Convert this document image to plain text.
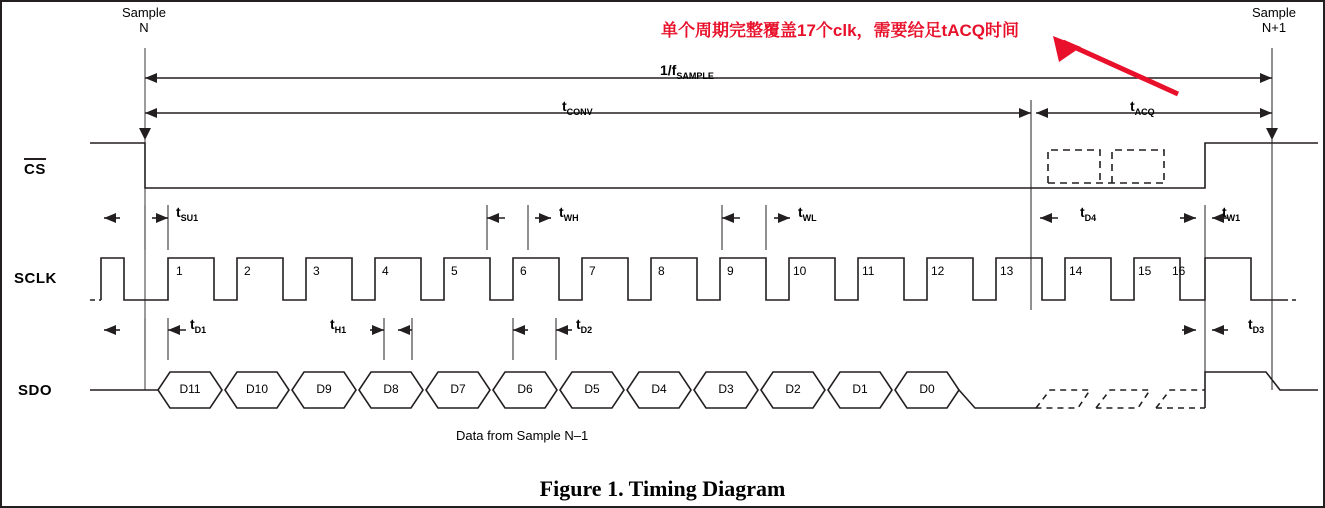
单个周期完整覆盖17个clk，需要给足tACQ时间
Sample
N
Sample
N+1
$1/f_{SAMPLE}$
$t_{CONV}$	$t_{ACQ}$
CS
SCLK
SDO
$t_{SU1}$	$t_{WH}$	$t_{WL}$	$t_{D4}$	$t_{W1}$
$t_{D1}$	$t_{H1}$	$t_{D2}$	$t_{D3}$
1	2	3	4	5	6	7	8	9	10	11	12	13	14	15 16
D11	D10	D9	D8	D7	D6	D5	D4	D3	D2	D1	D0
Data from Sample N–1
Figure 1. Timing Diagram
